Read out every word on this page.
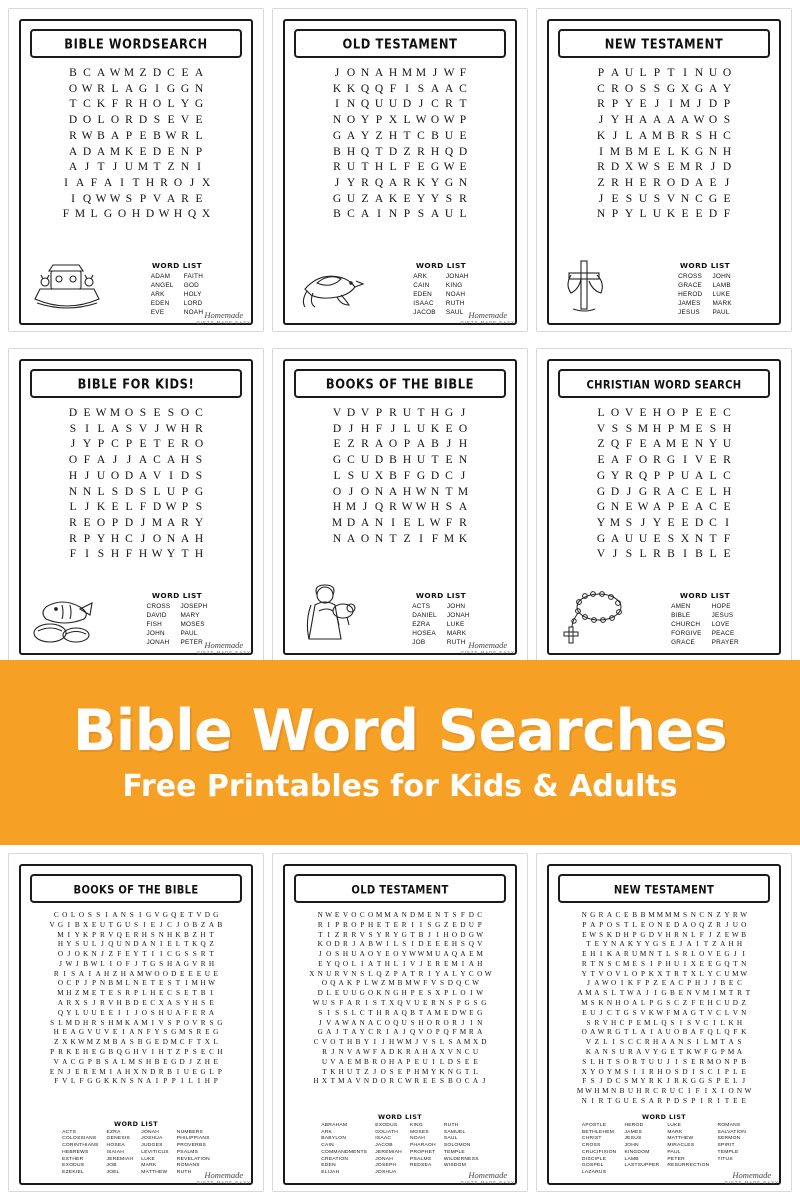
BIBLE WORDSEARCH
B C A W M Z D C E A
O W R L A G I G G N
T C K F R H O L Y G
D O L O R D S E V E
R W B A P E B W R L
A D A M K E D E N P
A J T J U M T Z N I
I A F A I T H R O J X
I Q W W S P V A R E
F M L G O H D W H Q X
WORD LIST
ADAM
ANGEL
ARK
EDEN
EVE
FAITH
GOD
HOLY
LORD
NOAH Homemade
GIFTS MADE EASY
OLD TESTAMENT
J O N A H M M J W F
K K Q Q F I S A A C
I N Q U U D J C R T
N O Y P X L W O W P
G A Y Z H T C B U E
B H Q T D Z R H Q D
R U T H L F E G W E
J Y R Q A R K Y G N
G U Z A K E Y Y S R
B C A I N P S A U L
WORD LIST
ARK
CAIN
EDEN
ISAAC
JACOB
JONAH
KING
NOAH
RUTH
SAUL Homemade
GIFTS MADE EASY
NEW TESTAMENT
P A U L P T I N U O
C R O S S G X G A Y
R P Y E J I M J D P
J Y H A A A A W O S
K J L A M B R S H C
I M B M E L K G N H
R D X W S E M R J D
Z R H E R O D A E J
J E S U S V N C G E
N P Y L U K E E D F
WORD LIST
CROSS
GRACE
HEROD
JAMES
JESUS
JOHN
LAMB
LUKE
MARK
PAUL
BIBLE FOR KIDS!
D E W M O S E S O C
S I L A S V J W H R
J Y P C P E T E R O
O F A J J A C A H S
H J U O D A V I D S
N N L S D S L U P G
L J K E L F D W P S
R E O P D J M A R Y
R P Y H C J O N A H
F I S H F H W Y T H
WORD LIST
CROSS
DAVID
FISH
JOHN
JONAH
JOSEPH
MARY
MOSES
PAUL
PETER Homemade
GIFTS MADE EASY
BOOKS OF THE BIBLE
V D V P R U T H G J
D J H F J L U K E O
E Z R A O P A B J H
G C U D B H U T E N
L S U X B F G D C J
O J O N A H W N T M
H M J Q R W W H S A
M D A N I E L W F R
N A O N T Z I F M K
WORD LIST
ACTS
DANIEL
EZRA
HOSEA
JOB
JOHN
JONAH
LUKE
MARK
RUTH Homemade
GIFTS MADE EASY
CHRISTIAN WORD SEARCH
L O V E H O P E E C
V S S M H P M E S H
Z Q F E A M E N Y U
E A F O R G I V E R
G Y R Q P P U A L C
G D J G R A C E L H
G N E W A P E A C E
Y M S J Y E E D C I
G A U U E S X N T F
V J S L R B I B L E
WORD LIST
AMEN
BIBLE
CHURCH
FORGIVE
GRACE
HOPE
JESUS
LOVE
PEACE
PRAYER
BOOKS OF THE BIBLE
C O L O S S I A N S I G V G Q E T V D G
V G I B X E U T G U S I E J C J O B Z A B
M I Y K P R V Q E R H S N H K B Z H T
H Y S U L J Q U N D A N I E L T K Q Z
O J O K N J Z F E Y T I I C G S S R T
J W J B W L I O F J T G S H A G V R H
R I S A I A H Z H A M W O O D E E E U E
O C P J P N B M L N E T E S T I M H W
M H Z M E T E S R P L H E C S E T B I
A R X S J R V H B D E C X A S Y H S E
Q Y L U U E E I I J O S H U A F E R A
S L M D H R S H M K A M I V S P O V R S G
H E A G V U V E I A N F Y S G M S R E G
Z X K W M Z M B A S B G E D M C F T X L
P R K E H E G B Q G H V I H T Z P S E C H
V A C G P B S A L M S H B E G D J Z H E
E N J E R E M I A H X N D R B I U E G L P
F V L F G G K K N S N A I P P I L I H P
WORD LIST
ACTS
COLOSSIANS
CORINTHIANS
HEBREWS
ESTHER
EXODUS
EZEKIEL
EZRA
GENESIS
HOSEA
ISAIAH
JEREMIAH
JOB
JOEL
JONAH
JOSHUA
JUDGES
LEVITICUS
LUKE
MARK
MATTHEW
NUMBERS
PHILIPPIANS
PROVERBS
PSALMS
REVELATION
ROMANS
RUTH	Homemade
GIFTS MADE EASY
OLD TESTAMENT
N W E V O C O M M A N D M E N T S F D C
R I P R O P H E T E R I I S G Z E D U P
T I Z R R V S Y R Y G T B J I H O D G W
K O D R J A B W I L S I D E E E H S Q V
J O S H U A O Y E O Y W W M U A Q A E M
E Y Q O L I A T H L I V J E R E M I A H
X N U R V N S L Q Z P A T R I Y A L Y C O W
O Q A K P L W Z M B M W F V S D Q C W
D L E U U G O K N G H P E S X P L O I W
W U S F A R I S T X Q V U E R N S P G S G
S I S S L C T H R A Q B T A M E D W E G
J V A W A N A C O Q U S H O R O R J I N
G A J T A Y C R I A J Q V O P Q F M R A
C V O T H B Y I J H W M J V S L S A M X D
R J N V A W F A D K R A H A X V N C U
U V A E M B R O H A P E U I L D S E E
T K H U T Z J O S E P H M Y K N G T L
H X T M A V N D O R C W R E E S B O C A J
WORD LIST
ABRAHAM
ARK
BABYLON
CAIN
COMMANDMENTS
CREATION
EDEN
ELIJAH
EXODUS
GOLIATH
ISAAC
JACOB
JEREMIAH
JONAH
JOSEPH
JOSHUA
KING
MOSES
NOAH
PHARAOH
PROPHET
PSALMS
REDSEA
RUTH
SAMUEL
SAUL
SOLOMON
TEMPLE
WILDERNESS
WISDOM
Homemade
GIFTS MADE EASY
NEW TESTAMENT
N G R A C E B B M M M M S N C N Z Y R W
P A P O S T L E O N E D A O Q Z R J U O
E W S K D H P G D V H R N L F J Z E W B
T E Y N A K Y Y G S E J A I T Z A H H
E H I K A R U M N T L S R L O V E G J I
R T N S C M E S I P H U I X E E G Q T N
Y T V O V L O P K X T R T X L Y C U M W
J A W O I K F P Z E A C P H J J B E C
A M A S L T W A J I G B E N V M I M T R T
M S K N H O A L P G S C Z F E H C U D Z
E U J C T G S V K W F M A G T V C L V N
S R V H C P E M L Q S I S V C I L K H
O A W R G T L A I A U O B A F Q L Q F K
V Z L I S C C R H A A N S I L M T A S
K A N S U R A V Y G E T K W F G P M A
S L H T S O R T U U J I S E R M O N P B
X Y O Y M S I I R H O S D I S C I P L E
F S J D C S M Y R K J R K G G S P E L J
M W H M N B U H R C R U C I F I X I O N W
N I R T G U E S A R P D S P I R I T E E
WORD LIST
APOSTLE
BETHLEHEM
CHRIST
CROSS
CRUCIFIXION
DISCIPLE
GOSPEL
LAZARUS
HEROD
JAMES
JESUS
JOHN
KINGDOM
LAMB
LASTSUPPER
LUKE
MARK
MATTHEW
MIRACLES
PAUL
PETER
RESURRECTION
ROMANS
SALVATION
SERMON
SPIRIT
TEMPLE
TITUS
Homemade
GIFTS MADE EASY
Bible Word Searches
Free Printables for Kids & Adults
